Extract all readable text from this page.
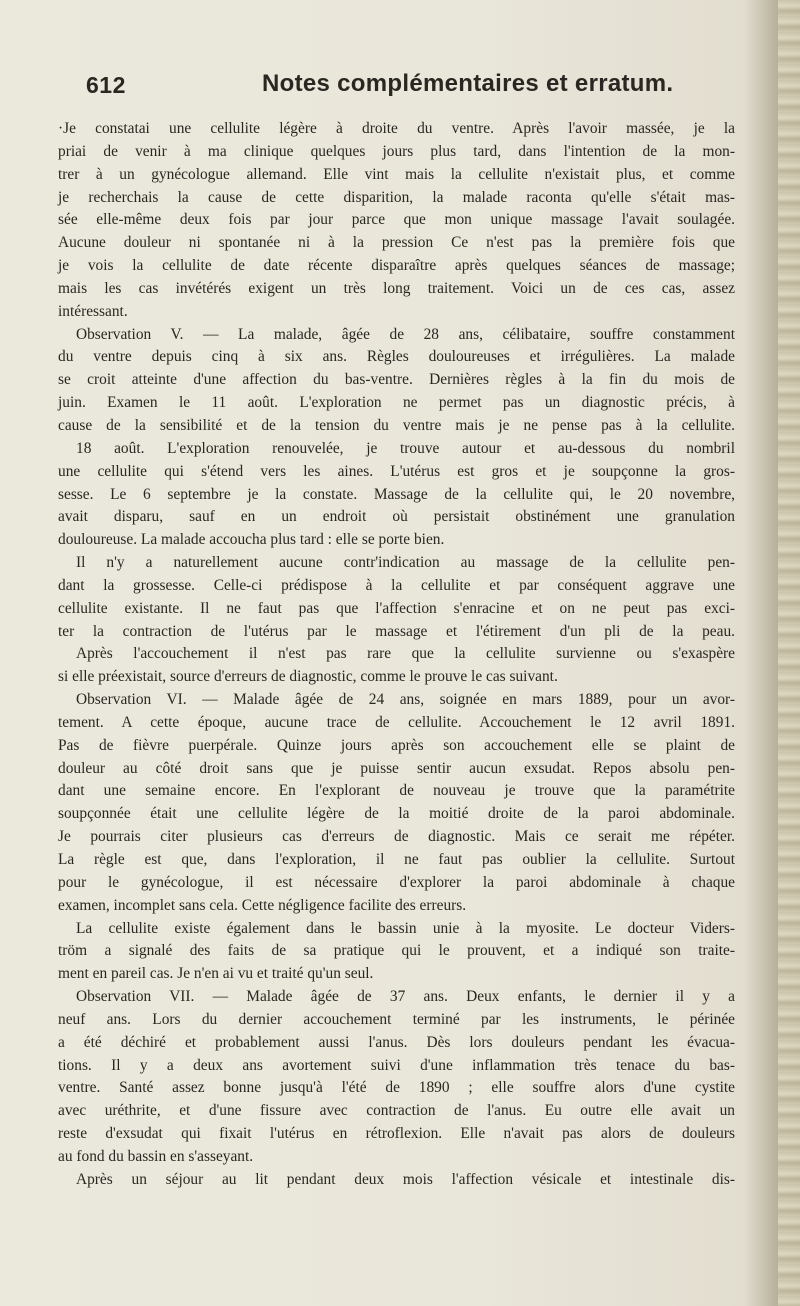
612	Notes complémentaires et erratum.
·Je constatai une cellulite légère à droite du ventre. Après l'avoir massée, je la
priai de venir à ma clinique quelques jours plus tard, dans l'intention de la mon-
trer à un gynécologue allemand. Elle vint mais la cellulite n'existait plus, et comme
je recherchais la cause de cette disparition, la malade raconta qu'elle s'était mas-
sée elle-même deux fois par jour parce que mon unique massage l'avait soulagée.
Aucune douleur ni spontanée ni à la pression Ce n'est pas la première fois que
je vois la cellulite de date récente disparaître après quelques séances de massage;
mais les cas invétérés exigent un très long traitement. Voici un de ces cas, assez
intéressant.
Observation V. — La malade, âgée de 28 ans, célibataire, souffre constamment
du ventre depuis cinq à six ans. Règles douloureuses et irrégulières. La malade
se croit atteinte d'une affection du bas-ventre. Dernières règles à la fin du mois de
juin. Examen le 11 août. L'exploration ne permet pas un diagnostic précis, à
cause de la sensibilité et de la tension du ventre mais je ne pense pas à la cellulite.
18 août. L'exploration renouvelée, je trouve autour et au-dessous du nombril
une cellulite qui s'étend vers les aines. L'utérus est gros et je soupçonne la gros-
sesse. Le 6 septembre je la constate. Massage de la cellulite qui, le 20 novembre,
avait disparu, sauf en un endroit où persistait obstinément une granulation
douloureuse. La malade accoucha plus tard : elle se porte bien.
Il n'y a naturellement aucune contr'indication au massage de la cellulite pen-
dant la grossesse. Celle-ci prédispose à la cellulite et par conséquent aggrave une
cellulite existante. Il ne faut pas que l'affection s'enracine et on ne peut pas exci-
ter la contraction de l'utérus par le massage et l'étirement d'un pli de la peau.
Après l'accouchement il n'est pas rare que la cellulite survienne ou s'exaspère
si elle préexistait, source d'erreurs de diagnostic, comme le prouve le cas suivant.
Observation VI. — Malade âgée de 24 ans, soignée en mars 1889, pour un avor-
tement. A cette époque, aucune trace de cellulite. Accouchement le 12 avril 1891.
Pas de fièvre puerpérale. Quinze jours après son accouchement elle se plaint de
douleur au côté droit sans que je puisse sentir aucun exsudat. Repos absolu pen-
dant une semaine encore. En l'explorant de nouveau je trouve que la paramétrite
soupçonnée était une cellulite légère de la moitié droite de la paroi abdominale.
Je pourrais citer plusieurs cas d'erreurs de diagnostic. Mais ce serait me répéter.
La règle est que, dans l'exploration, il ne faut pas oublier la cellulite. Surtout
pour le gynécologue, il est nécessaire d'explorer la paroi abdominale à chaque
examen, incomplet sans cela. Cette négligence facilite des erreurs.
La cellulite existe également dans le bassin unie à la myosite. Le docteur Viders-
tröm a signalé des faits de sa pratique qui le prouvent, et a indiqué son traite-
ment en pareil cas. Je n'en ai vu et traité qu'un seul.
Observation VII. — Malade âgée de 37 ans. Deux enfants, le dernier il y a
neuf ans. Lors du dernier accouchement terminé par les instruments, le périnée
a été déchiré et probablement aussi l'anus. Dès lors douleurs pendant les évacua-
tions. Il y a deux ans avortement suivi d'une inflammation très tenace du bas-
ventre. Santé assez bonne jusqu'à l'été de 1890 ; elle souffre alors d'une cystite
avec uréthrite, et d'une fissure avec contraction de l'anus. Eu outre elle avait un
reste d'exsudat qui fixait l'utérus en rétroflexion. Elle n'avait pas alors de douleurs
au fond du bassin en s'asseyant.
Après un séjour au lit pendant deux mois l'affection vésicale et intestinale dis-
